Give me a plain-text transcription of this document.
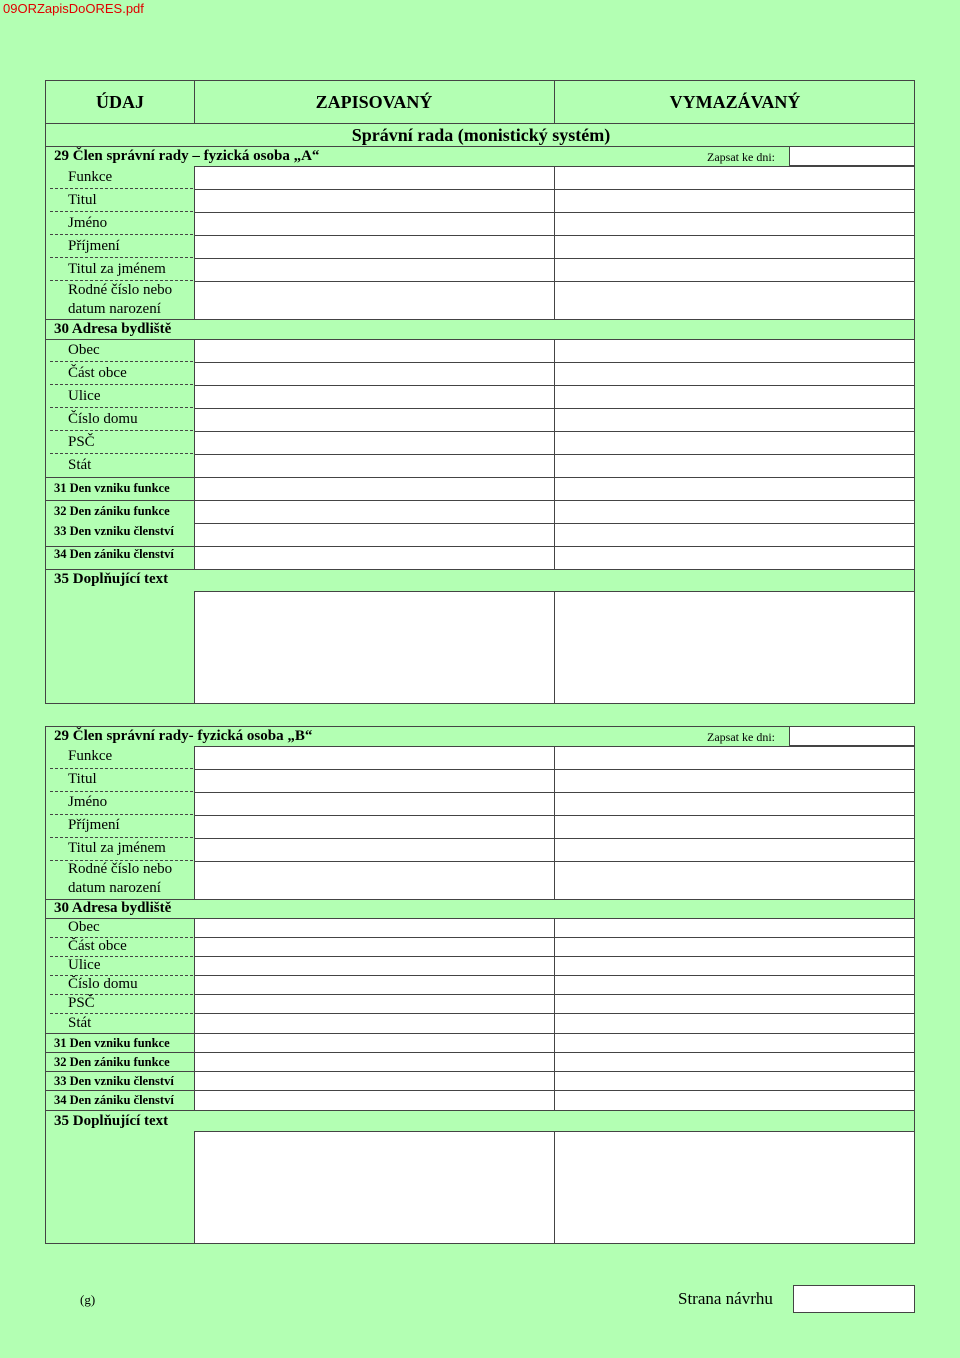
09ORZapisDoORES.pdf
ÚDAJ	ZAPISOVANÝ	VYMAZÁVANÝ
Správní rada (monistický systém)
29 Člen správní rady – fyzická osoba „A“	Zapsat ke dni:
Funkce
Titul
Jméno
Příjmení
Titul za jménem
Rodné číslo nebo
datum narození
30 Adresa bydliště
Obec
Část obce
Ulice
Číslo domu
PSČ
Stát
31 Den vzniku funkce
32 Den zániku funkce
33 Den vzniku členství
34 Den zániku členství
35 Doplňující text
29 Člen správní rady- fyzická osoba „B“	Zapsat ke dni:
Funkce
Titul
Jméno
Příjmení
Titul za jménem
Rodné číslo nebo
datum narození
30 Adresa bydliště
Obec
Část obce
Ulice
Číslo domu
PSČ
Stát
31 Den vzniku funkce
32 Den zániku funkce
33 Den vzniku členství
34 Den zániku členství
35 Doplňující text
(g)	Strana návrhu
